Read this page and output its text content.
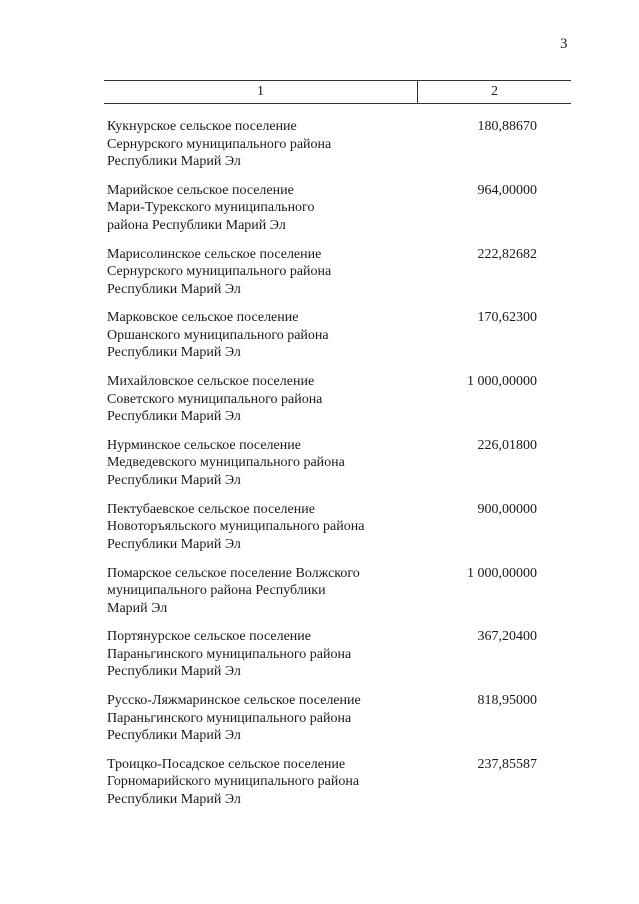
3
1	2
Кукнурское сельское поселение
Сернурского муниципального района
Республики Марий Эл
180,88670
Марийское сельское поселение
Мари-Турекского муниципального
района Республики Марий Эл
964,00000
Марисолинское сельское поселение
Сернурского муниципального района
Республики Марий Эл
222,82682
Марковское сельское поселение
Оршанского муниципального района
Республики Марий Эл
170,62300
Михайловское сельское поселение
Советского муниципального района
Республики Марий Эл
1 000,00000
Нурминское сельское поселение
Медведевского муниципального района
Республики Марий Эл
226,01800
Пектубаевское сельское поселение
Новоторъяльского муниципального района
Республики Марий Эл
900,00000
Помарское сельское поселение Волжского
муниципального района Республики
Марий Эл
1 000,00000
Портянурское сельское поселение
Параньгинского муниципального района
Республики Марий Эл
367,20400
Русско-Ляжмаринское сельское поселение
Параньгинского муниципального района
Республики Марий Эл
818,95000
Троицко-Посадское сельское поселение
Горномарийского муниципального района
Республики Марий Эл
237,85587
